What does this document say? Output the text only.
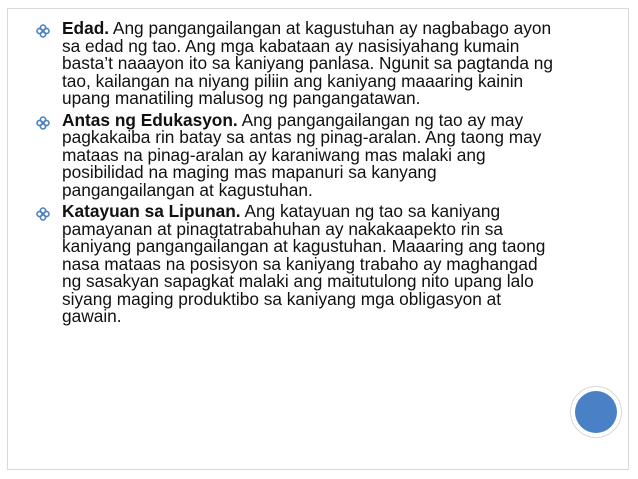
Edad. Ang pangangailangan at kagustuhan ay nagbabago ayon sa edad ng tao. Ang mga kabataan ay nasisiyahang kumain basta’t naaayon ito sa kaniyang panlasa. Ngunit sa pagtanda ng tao, kailangan na niyang piliin ang kaniyang maaaring kainin upang manatiling malusog ng pangangatawan.
Antas ng Edukasyon. Ang pangangailangan ng tao ay may pagkakaiba rin batay sa antas ng pinag-aralan. Ang taong may mataas na pinag-aralan ay karaniwang mas malaki ang posibilidad na maging mas mapanuri sa kanyang pangangailangan at kagustuhan.
Katayuan sa Lipunan. Ang katayuan ng tao sa kaniyang pamayanan at pinagtatrabahuhan ay nakakaapekto rin sa kaniyang pangangailangan at kagustuhan. Maaaring ang taong nasa mataas na posisyon sa kaniyang trabaho ay maghangad ng sasakyan sapagkat malaki ang maitutulong nito upang lalo siyang maging produktibo sa kaniyang mga obligasyon at gawain.
